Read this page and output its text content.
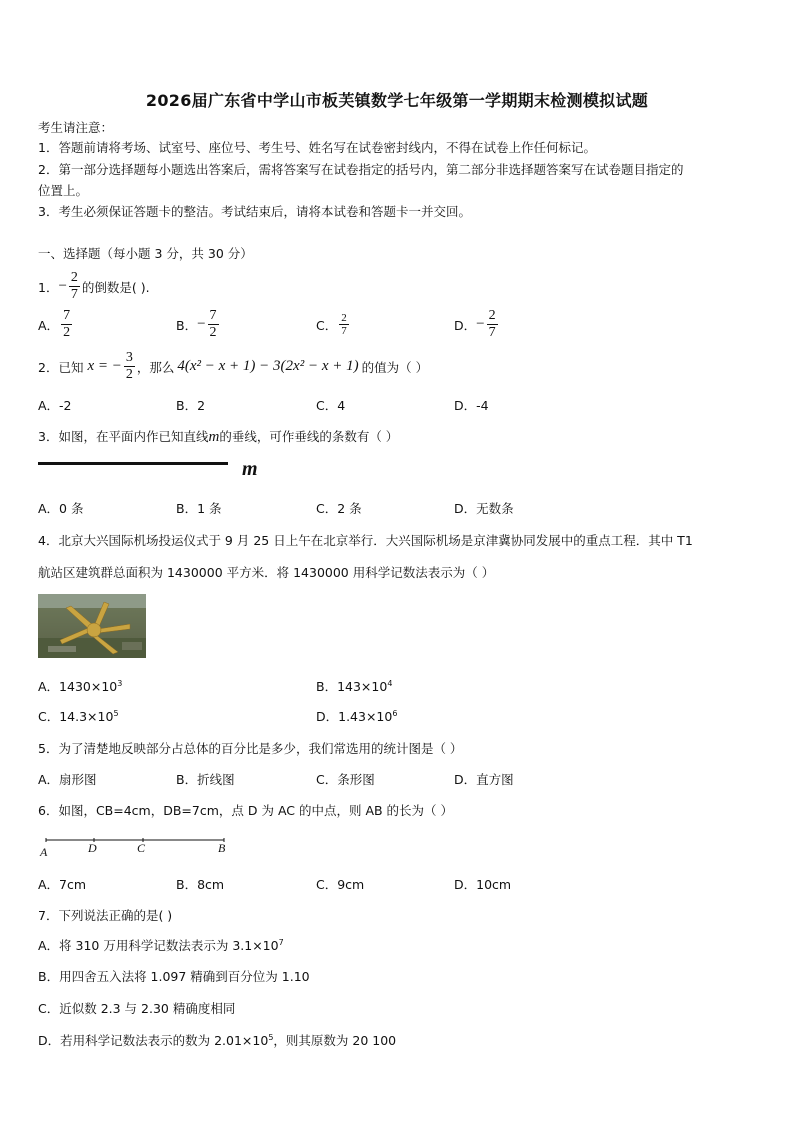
2026届广东省中学山市板芙镇数学七年级第一学期期末检测模拟试题
考生请注意：
1．答题前请将考场、试室号、座位号、考生号、姓名写在试卷密封线内，不得在试卷上作任何标记。
2．第一部分选择题每小题选出答案后，需将答案写在试卷指定的括号内，第二部分非选择题答案写在试卷题目指定的
位置上。
3．考生必须保证答题卡的整洁。考试结束后，请将本试卷和答题卡一并交回。
一、选择题（每小题 3 分，共 30 分）
1． − $\frac{2}{7}$ 的倒数是( ).
A． $\frac{7}{2}$	B． − $\frac{7}{2}$	C． $\frac{2}{7}$	D． − $\frac{2}{7}$
2．已知 x = − $\frac{3}{2}$ ，那么 4(x² − x + 1) − 3(2x² − x + 1) 的值为（ ）
A．-2	B．2	C．4	D．-4
3．如图，在平面内作已知直线m的垂线，可作垂线的条数有（ ）
m
A．0 条	B．1 条	C．2 条	D．无数条
4．北京大兴国际机场投运仪式于 9 月 25 日上午在北京举行．大兴国际机场是京津冀协同发展中的重点工程．其中 T1
航站区建筑群总面积为 1430000 平方米．将 1430000 用科学记数法表示为（ ）
A．$1430\times 10^3$	B．$143\times 10^4$
C．$14.3\times 10^5$	D．$1.43\times 10^6$
5．为了清楚地反映部分占总体的百分比是多少，我们常选用的统计图是（ ）
A．扇形图	B．折线图	C．条形图	D．直方图
6．如图，CB=4cm，DB=7cm，点 D 为 AC 的中点，则 AB 的长为（ ）
A	D	C	B
A．7cm	B．8cm	C．9cm	D．10cm
7．下列说法正确的是( )
A．将 310 万用科学记数法表示为 $3.1\times 10^7$
B．用四舍五入法将 1.097 精确到百分位为 1.10
C．近似数 2.3 与 2.30 精确度相同
D．若用科学记数法表示的数为 $2.01\times 10^5$，则其原数为 20 100
